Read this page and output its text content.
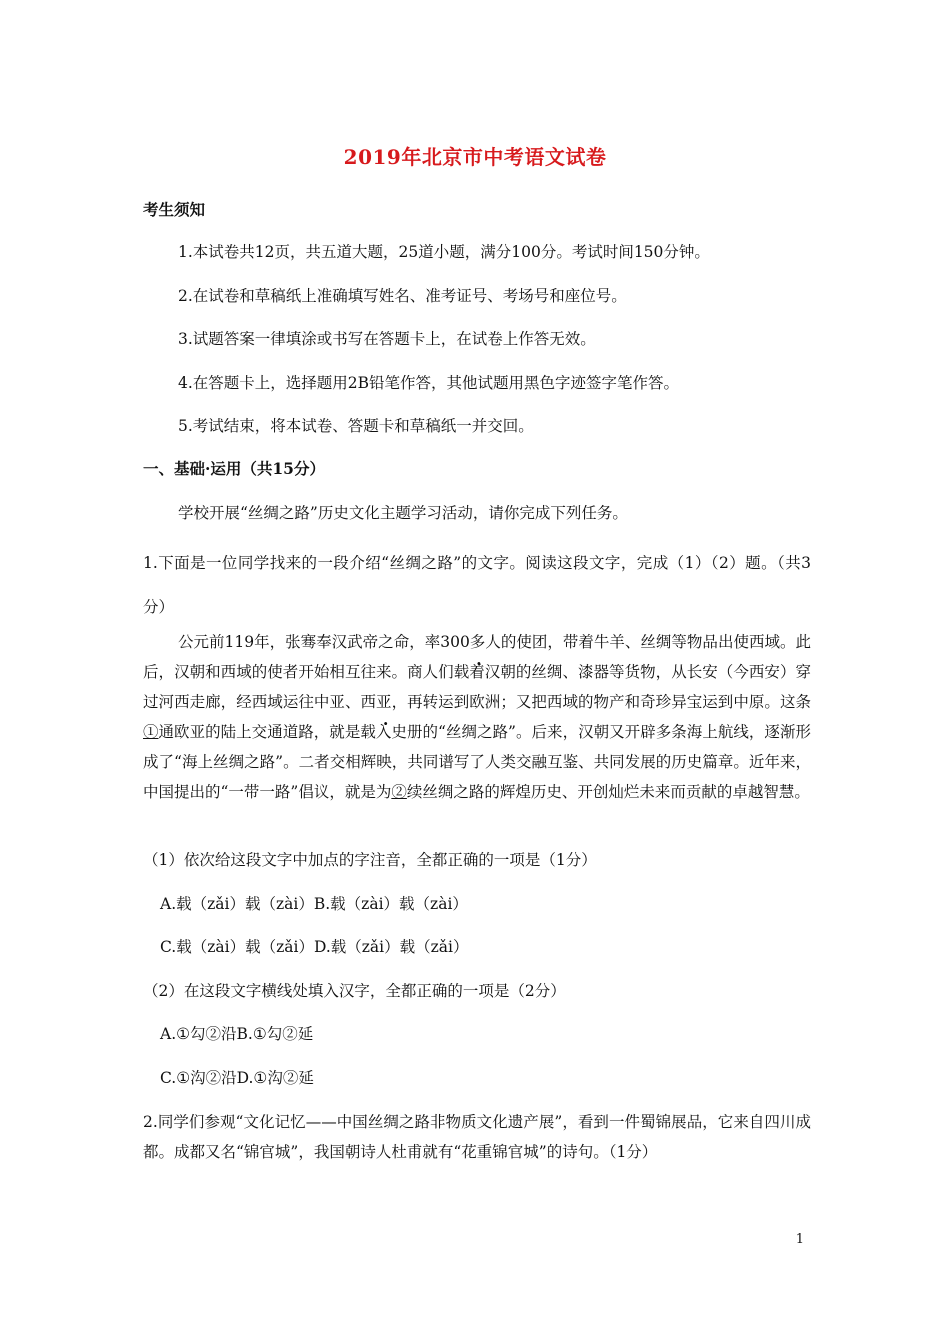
2019年北京市中考语文试卷
考生须知
1.本试卷共12页，共五道大题，25道小题，满分100分。考试时间150分钟。
2.在试卷和草稿纸上准确填写姓名、准考证号、考场号和座位号。
3.试题答案一律填涂或书写在答题卡上，在试卷上作答无效。
4.在答题卡上，选择题用2B铅笔作答，其他试题用黑色字迹签字笔作答。
5.考试结束，将本试卷、答题卡和草稿纸一并交回。
一、基础·运用（共15分）
学校开展“丝绸之路”历史文化主题学习活动，请你完成下列任务。
1.下面是一位同学找来的一段介绍“丝绸之路”的文字。阅读这段文字，完成（1）（2）题。（共3分）
公元前119年，张骞奉汉武帝之命，率300多人的使团，带着牛羊、丝绸等物品出使西域。此后，汉朝和西域的使者开始相互往来。商人们载着汉朝的丝绸、漆器等货物，从长安（今西安）穿过河西走廊，经西域运往中亚、西亚，再转运到欧洲；又把西域的物产和奇珍异宝运到中原。这条①通欧亚的陆上交通道路，就是载入史册的“丝绸之路”。后来，汉朝又开辟多条海上航线，逐渐形成了“海上丝绸之路”。二者交相辉映，共同谱写了人类交融互鉴、共同发展的历史篇章。近年来，中国提出的“一带一路”倡议，就是为②续丝绸之路的辉煌历史、开创灿烂未来而贡献的卓越智慧。
（1）依次给这段文字中加点的字注音，全都正确的一项是（1分）
A.载（zǎi）载（zài）B.载（zài）载（zài）
C.载（zài）载（zǎi）D.载（zǎi）载（zǎi）
（2）在这段文字横线处填入汉字，全都正确的一项是（2分）
A.①勾②沿B.①勾②延
C.①沟②沿D.①沟②延
2.同学们参观“文化记忆——中国丝绸之路非物质文化遗产展”，看到一件蜀锦展品，它来自四川成都。成都又名“锦官城”，我国朝诗人杜甫就有“花重锦官城”的诗句。（1分）
1
